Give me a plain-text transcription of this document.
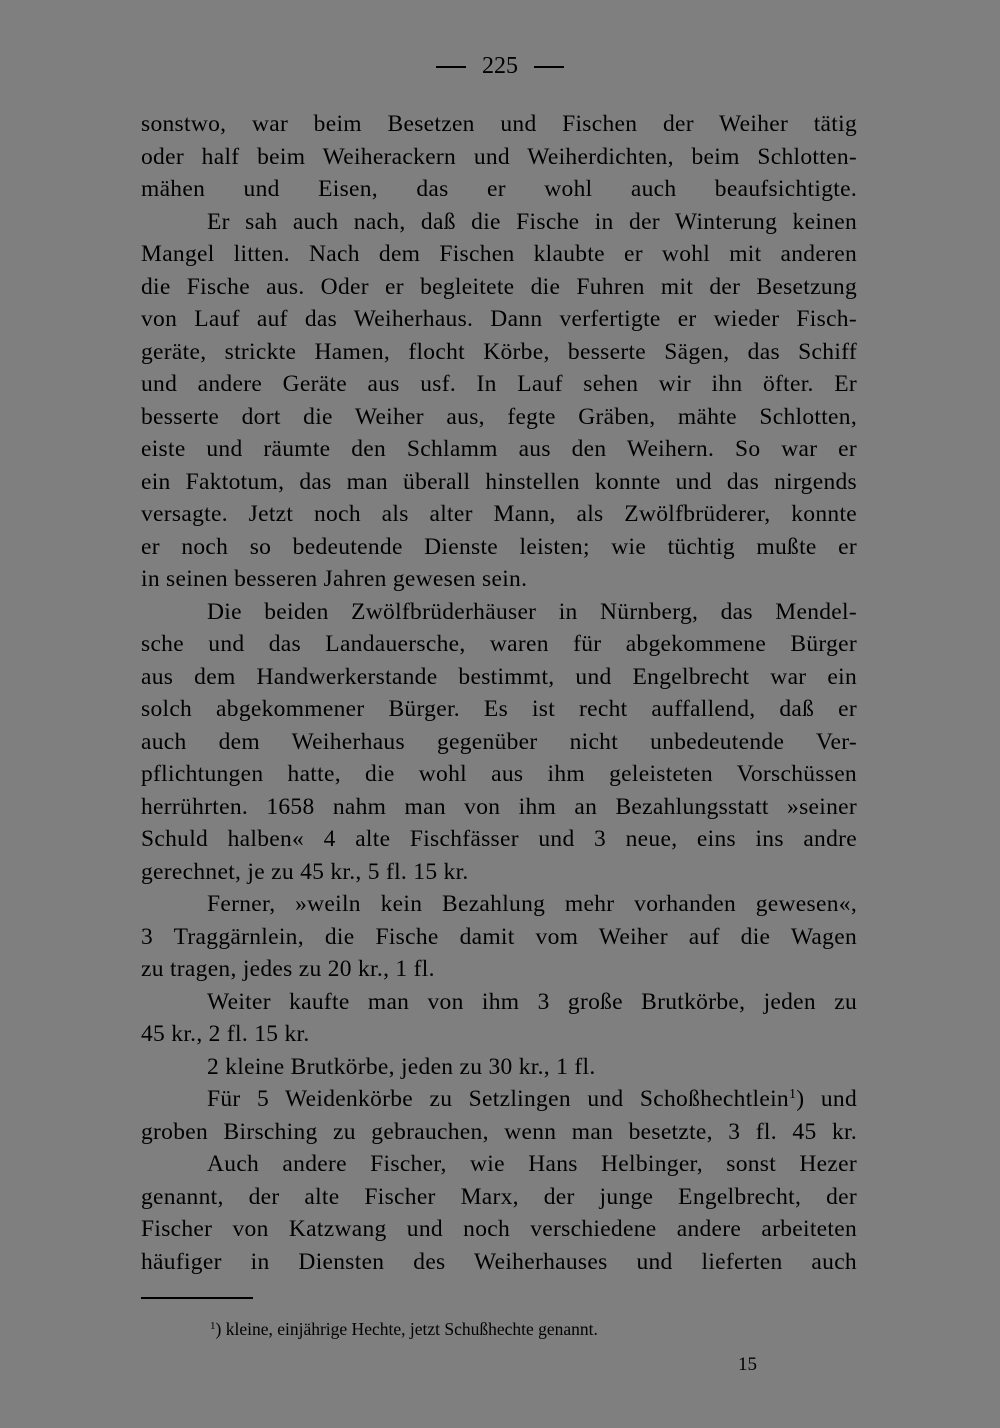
225
sonstwo, war beim Besetzen und Fischen der Weiher tätig
oder half beim Weiherackern und Weiherdichten, beim Schlotten-
mähen und Eisen, das er wohl auch beaufsichtigte.
Er sah auch nach, daß die Fische in der Winterung keinen
Mangel litten. Nach dem Fischen klaubte er wohl mit anderen
die Fische aus. Oder er begleitete die Fuhren mit der Besetzung
von Lauf auf das Weiherhaus. Dann verfertigte er wieder Fisch-
geräte, strickte Hamen, flocht Körbe, besserte Sägen, das Schiff
und andere Geräte aus usf. In Lauf sehen wir ihn öfter. Er
besserte dort die Weiher aus, fegte Gräben, mähte Schlotten,
eiste und räumte den Schlamm aus den Weihern. So war er
ein Faktotum, das man überall hinstellen konnte und das nirgends
versagte. Jetzt noch als alter Mann, als Zwölfbrüderer, konnte
er noch so bedeutende Dienste leisten; wie tüchtig mußte er
in seinen besseren Jahren gewesen sein.
Die beiden Zwölfbrüderhäuser in Nürnberg, das Mendel-
sche und das Landauersche, waren für abgekommene Bürger
aus dem Handwerkerstande bestimmt, und Engelbrecht war ein
solch abgekommener Bürger. Es ist recht auffallend, daß er
auch dem Weiherhaus gegenüber nicht unbedeutende Ver-
pflichtungen hatte, die wohl aus ihm geleisteten Vorschüssen
herrührten. 1658 nahm man von ihm an Bezahlungsstatt »seiner
Schuld halben« 4 alte Fischfässer und 3 neue, eins ins andre
gerechnet, je zu 45 kr., 5 fl. 15 kr.
Ferner, »weiln kein Bezahlung mehr vorhanden gewesen«,
3 Traggärnlein, die Fische damit vom Weiher auf die Wagen
zu tragen, jedes zu 20 kr., 1 fl.
Weiter kaufte man von ihm 3 große Brutkörbe, jeden zu
45 kr., 2 fl. 15 kr.
2 kleine Brutkörbe, jeden zu 30 kr., 1 fl.
Für 5 Weidenkörbe zu Setzlingen und Schoßhechtlein$^1$) und
groben Birsching zu gebrauchen, wenn man besetzte, 3 fl. 45 kr.
Auch andere Fischer, wie Hans Helbinger, sonst Hezer
genannt, der alte Fischer Marx, der junge Engelbrecht, der
Fischer von Katzwang und noch verschiedene andere arbeiteten
häufiger in Diensten des Weiherhauses und lieferten auch
$^1$) kleine, einjährige Hechte, jetzt Schußhechte genannt.
15
